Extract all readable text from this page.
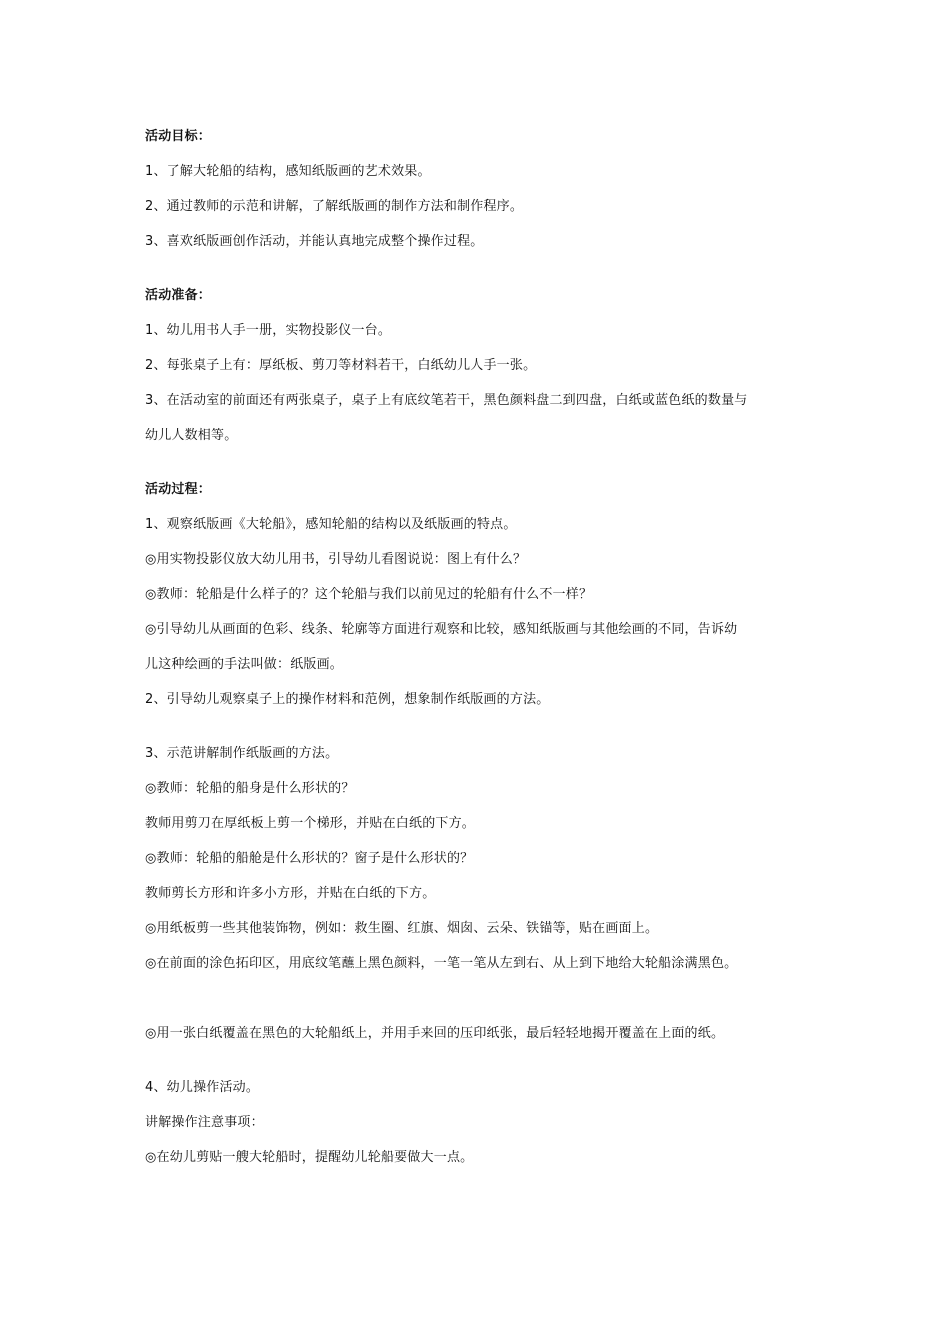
活动目标：
1、了解大轮船的结构，感知纸版画的艺术效果。
2、通过教师的示范和讲解，了解纸版画的制作方法和制作程序。
3、喜欢纸版画创作活动，并能认真地完成整个操作过程。
活动准备：
1、幼儿用书人手一册，实物投影仪一台。
2、每张桌子上有：厚纸板、剪刀等材料若干，白纸幼儿人手一张。
3、在活动室的前面还有两张桌子，桌子上有底纹笔若干，黑色颜料盘二到四盘，白纸或蓝色纸的数量与
幼儿人数相等。
活动过程：
1、观察纸版画《大轮船》，感知轮船的结构以及纸版画的特点。
◎用实物投影仪放大幼儿用书，引导幼儿看图说说：图上有什么？
◎教师：轮船是什么样子的？这个轮船与我们以前见过的轮船有什么不一样？
◎引导幼儿从画面的色彩、线条、轮廓等方面进行观察和比较，感知纸版画与其他绘画的不同，告诉幼
儿这种绘画的手法叫做：纸版画。
2、引导幼儿观察桌子上的操作材料和范例，想象制作纸版画的方法。
3、示范讲解制作纸版画的方法。
◎教师：轮船的船身是什么形状的？
教师用剪刀在厚纸板上剪一个梯形，并贴在白纸的下方。
◎教师：轮船的船舱是什么形状的？窗子是什么形状的？
教师剪长方形和许多小方形，并贴在白纸的下方。
◎用纸板剪一些其他装饰物，例如：救生圈、红旗、烟囱、云朵、铁锚等，贴在画面上。
◎在前面的涂色拓印区，用底纹笔蘸上黑色颜料，一笔一笔从左到右、从上到下地给大轮船涂满黑色。
◎用一张白纸覆盖在黑色的大轮船纸上，并用手来回的压印纸张，最后轻轻地揭开覆盖在上面的纸。
4、幼儿操作活动。
讲解操作注意事项：
◎在幼儿剪贴一艘大轮船时，提醒幼儿轮船要做大一点。
